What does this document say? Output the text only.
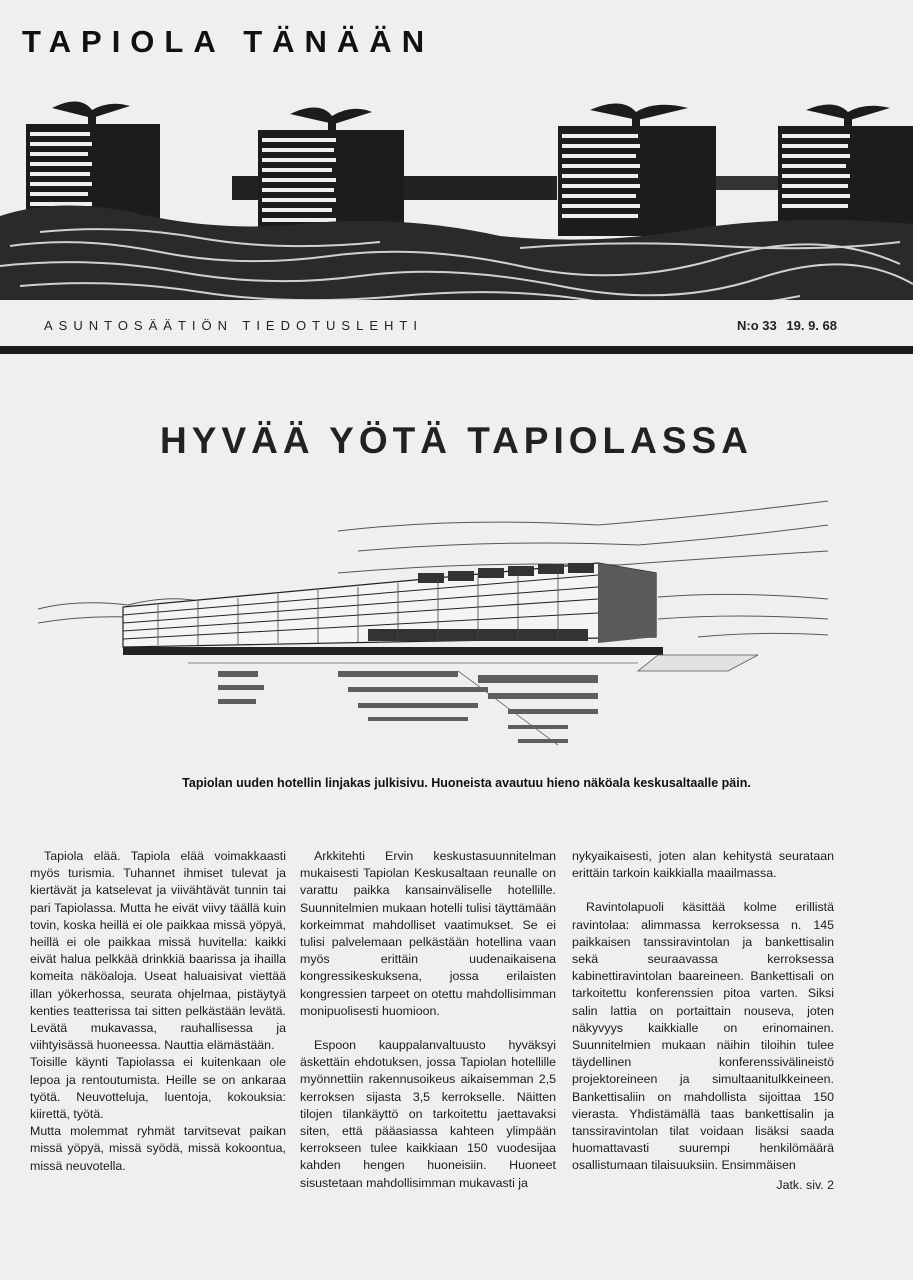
TAPIOLA TÄNÄÄN
ASUNTOSÄÄTIÖN TIEDOTUSLEHTI	N:o 33 19. 9. 68
HYVÄÄ YÖTÄ TAPIOLASSA
Tapiolan uuden hotellin linjakas julkisivu. Huoneista avautuu hieno näköala keskusaltaalle päin.

Tapiola elää. Tapiola elää voimakkaasti myös turismia. Tuhannet ihmiset tulevat ja kiertävät ja katselevat ja viivähtävät tunnin tai pari Tapiolassa. Mutta he eivät viivy täällä kuin tovin, koska heillä ei ole paikkaa missä yöpyä, heillä ei ole paikkaa missä huvitella: kaikki eivät halua pelkkää drinkkiä baarissa ja ihailla komeita näköaloja. Useat haluaisivat viettää illan yökerhossa, seurata ohjelmaa, pistäytyä kenties teatterissa tai sitten pelkästään levätä. Levätä mukavassa, rauhallisessa ja viihtyisässä huoneessa. Nauttia elämästään.

Toisille käynti Tapiolassa ei kuitenkaan ole lepoa ja rentoutumista. Heille se on ankaraa työtä. Neuvotteluja, luentoja, kokouksia: kiirettä, työtä.

Mutta molemmat ryhmät tarvitsevat paikan missä yöpyä, missä syödä, missä kokoontua, missä neuvotella.

Arkkitehti Ervin keskustasuunnitelman mukaisesti Tapiolan Keskusaltaan reunalle on varattu paikka kansainväliselle hotellille. Suunnitelmien mukaan hotelli tulisi täyttämään korkeimmat mahdolliset vaatimukset. Se ei tulisi palvelemaan pelkästään hotellina vaan myös erittäin uudenaikaisena kongressikeskuksena, jossa erilaisten kongressien tarpeet on otettu mahdollisimman monipuolisesti huomioon.

Espoon kauppalanvaltuusto hyväksyi äskettäin ehdotuksen, jossa Tapiolan hotellille myönnettiin rakennusoikeus aikaisemman 2,5 kerroksen sijasta 3,5 kerrokselle. Näitten tilojen tilankäyttö on tarkoitettu jaettavaksi siten, että pääasiassa kahteen ylimpään kerrokseen tulee kaikkiaan 150 vuodesijaa kahden hengen huoneisiin. Huoneet sisustetaan mahdollisimman mukavasti ja

nykyaikaisesti, joten alan kehitystä seurataan erittäin tarkoin kaikkialla maailmassa.

Ravintolapuoli käsittää kolme erillistä ravintolaa: alimmassa kerroksessa n. 145 paikkaisen tanssiravintolan ja bankettisalin sekä seuraavassa kerroksessa kabinettiravintolan baareineen. Bankettisali on tarkoitettu konferenssien pitoa varten. Siksi salin lattia on portaittain nouseva, joten näkyvyys kaikkialle on erinomainen. Suunnitelmien mukaan näihin tiloihin tulee täydellinen konferenssivälineistö projektoreineen ja simultaanitulkkeineen. Bankettisaliin on mahdollista sijoittaa 150 vierasta. Yhdistämällä taas bankettisalin ja tanssiravintolan tilat voidaan lisäksi saada huomattavasti suurempi henkilömäärä osallistumaan tilaisuuksiin. Ensimmäisen

Jatk. siv. 2
